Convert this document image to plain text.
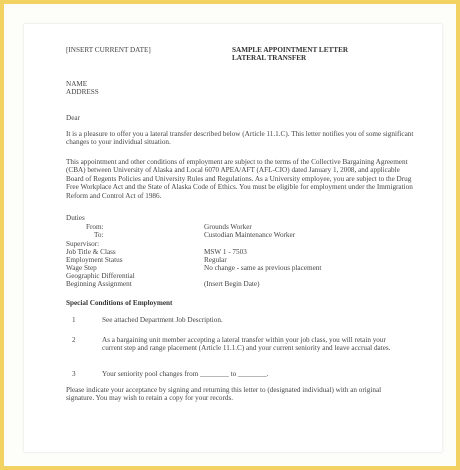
[INSERT CURRENT DATE]	SAMPLE APPOINTMENT LETTER
LATERAL TRANSFER
NAME
ADDRESS
Dear
It is a pleasure to offer you a lateral transfer described below (Article 11.1.C). This letter notifies you of some significant changes to your individual situation.
This appointment and other conditions of employment are subject to the terms of the Collective Bargaining Agreement (CBA) between University of Alaska and Local 6070 APEA/AFT (AFL-CIO) dated January 1, 2008, and applicable Board of Regents Policies and University Rules and Regulations. As a University employee, you are subject to the Drug Free Workplace Act and the State of Alaska Code of Ethics. You must be eligible for employment under the Immigration Reform and Control Act of 1986.
Duties
From:	Grounds Worker
To:	Custodian Maintenance Worker
Supervisor:
Job Title & Class	MSW 1 - 7503
Employment Status	Regular
Wage Step	No change - same as previous placement
Geographic Differential
Beginning Assignment	(Insert Begin Date)
Special Conditions of Employment
1	See attached Department Job Description.
2	As a bargaining unit member accepting a lateral transfer within your job class, you will retain your current step and range placement (Article 11.1.C) and your current seniority and leave accrual dates.
3	Your seniority pool changes from ________ to ________.
Please indicate your acceptance by signing and returning this letter to (designated individual) with an original signature. You may wish to retain a copy for your records.
